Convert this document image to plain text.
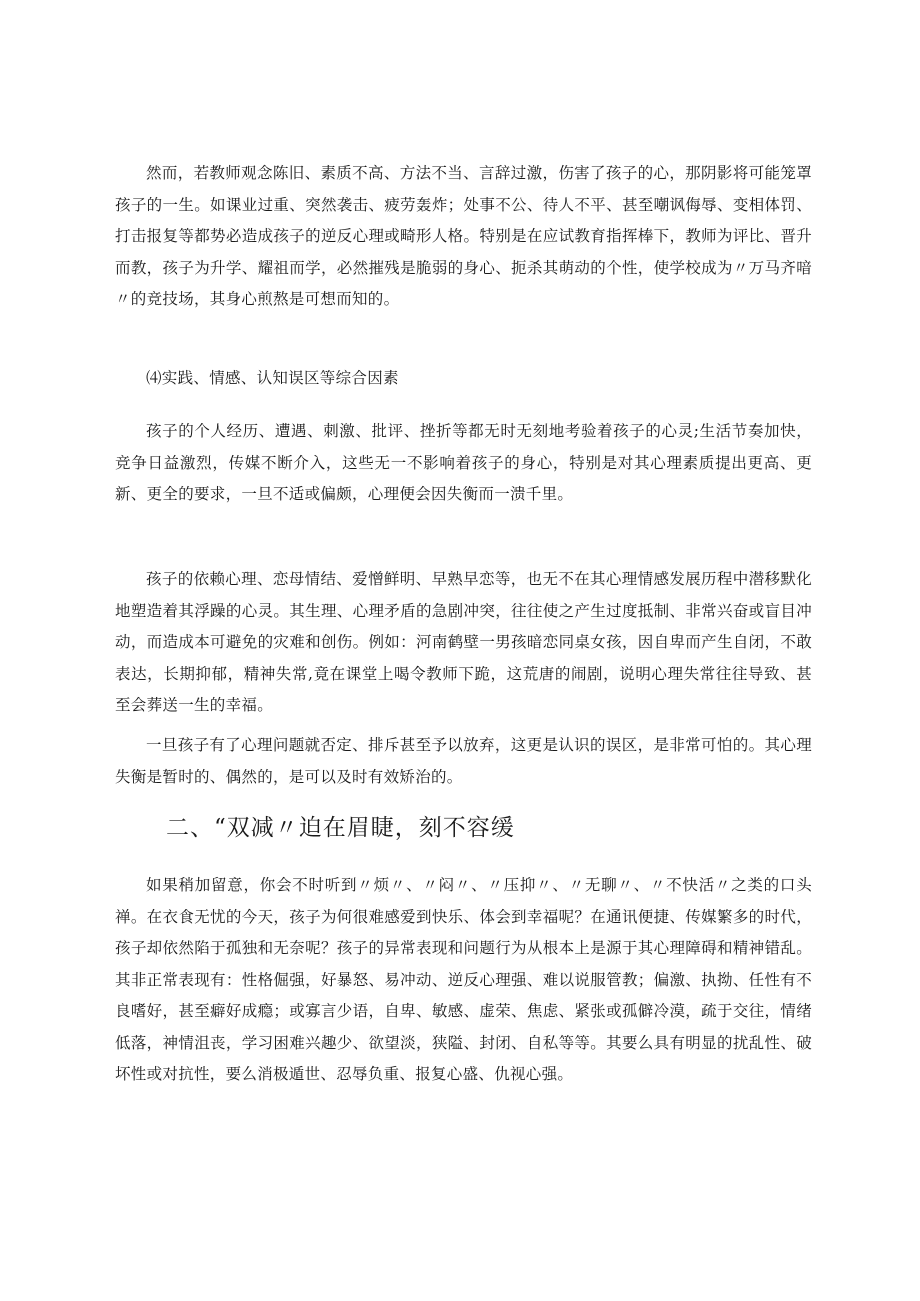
然而，若教师观念陈旧、素质不高、方法不当、言辞过激，伤害了孩子的心，那阴影将可能笼罩孩子的一生。如课业过重、突然袭击、疲劳轰炸；处事不公、待人不平、甚至嘲讽侮辱、变相体罚、打击报复等都势必造成孩子的逆反心理或畸形人格。特别是在应试教育指挥棒下，教师为评比、晋升而教，孩子为升学、耀祖而学，必然摧残是脆弱的身心、扼杀其萌动的个性，使学校成为〃万马齐喑〃的竞技场，其身心煎熬是可想而知的。

⑷实践、情感、认知误区等综合因素

孩子的个人经历、遭遇、刺激、批评、挫折等都无时无刻地考验着孩子的心灵;生活节奏加快，竞争日益激烈，传媒不断介入，这些无一不影响着孩子的身心，特别是对其心理素质提出更高、更新、更全的要求，一旦不适或偏颇，心理便会因失衡而一溃千里。

孩子的依赖心理、恋母情结、爱憎鲜明、早熟早恋等，也无不在其心理情感发展历程中潜移默化地塑造着其浮躁的心灵。其生理、心理矛盾的急剧冲突，往往使之产生过度抵制、非常兴奋或盲目冲动，而造成本可避免的灾难和创伤。例如：河南鹤壁一男孩暗恋同桌女孩，因自卑而产生自闭，不敢表达，长期抑郁，精神失常,竟在课堂上喝令教师下跪，这荒唐的闹剧，说明心理失常往往导致、甚至会葬送一生的幸福。

一旦孩子有了心理问题就否定、排斥甚至予以放弃，这更是认识的误区，是非常可怕的。其心理失衡是暂时的、偶然的，是可以及时有效矫治的。

二、“双减〃迫在眉睫，刻不容缓

如果稍加留意，你会不时听到〃烦〃、〃闷〃、〃压抑〃、〃无聊〃、〃不快活〃之类的口头禅。在衣食无忧的今天，孩子为何很难感爱到快乐、体会到幸福呢？在通讯便捷、传媒繁多的时代，孩子却依然陷于孤独和无奈呢？孩子的异常表现和问题行为从根本上是源于其心理障碍和精神错乱。其非正常表现有：性格倔强，好暴怒、易冲动、逆反心理强、难以说服管教；偏激、执拗、任性有不良嗜好，甚至癖好成瘾；或寡言少语，自卑、敏感、虚荣、焦虑、紧张或孤僻冷漠，疏于交往，情绪低落，神情沮丧，学习困难兴趣少、欲望淡，狭隘、封闭、自私等等。其要么具有明显的扰乱性、破坏性或对抗性，要么消极遁世、忍辱负重、报复心盛、仇视心强。
